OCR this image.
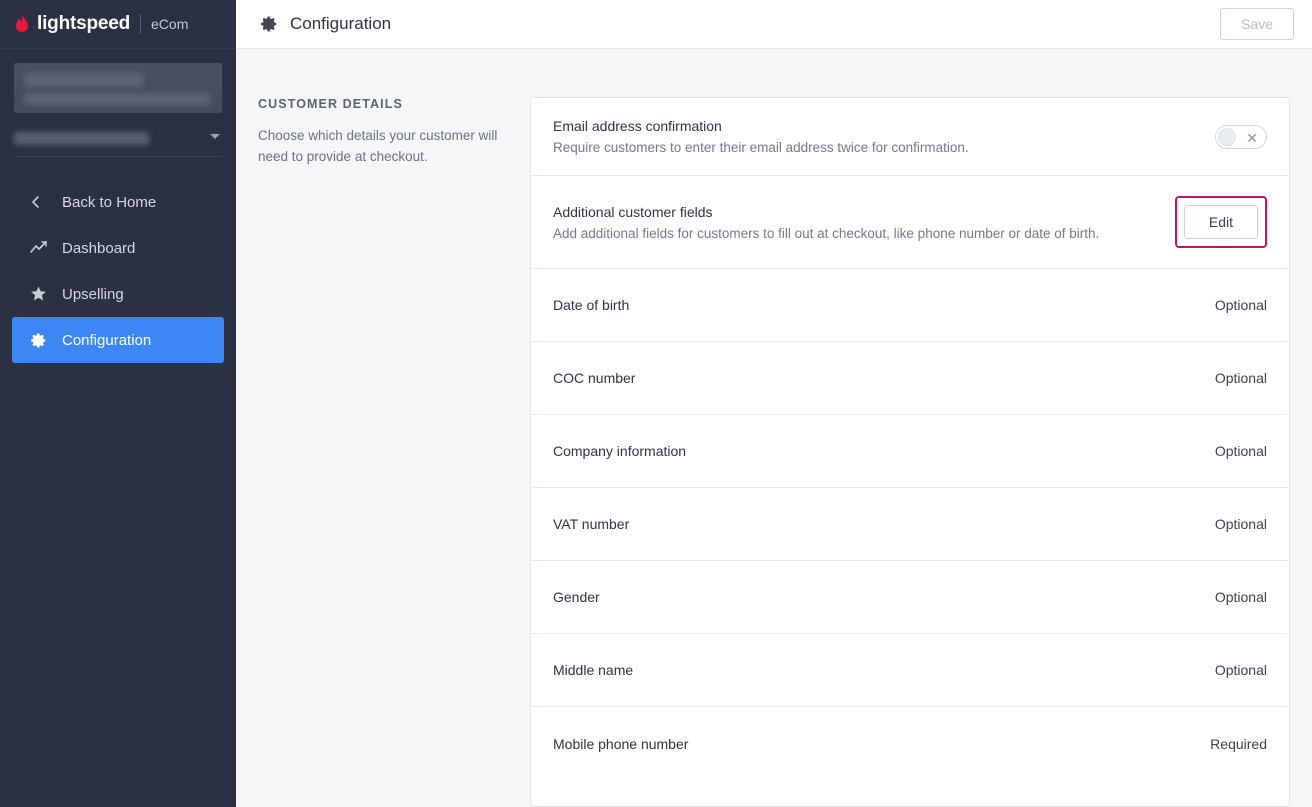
lightspeed eCom
Back to Home
Dashboard
Upselling
Configuration
Configuration	Save
CUSTOMER DETAILS
Choose which details your customer will need to provide at checkout.
Email address confirmation
Require customers to enter their email address twice for confirmation.
✕
Additional customer fields
Add additional fields for customers to fill out at checkout, like phone number or date of birth.
Edit
Date of birth	Optional
COC number	Optional
Company information	Optional
VAT number	Optional
Gender	Optional
Middle name	Optional
Mobile phone number	Required
